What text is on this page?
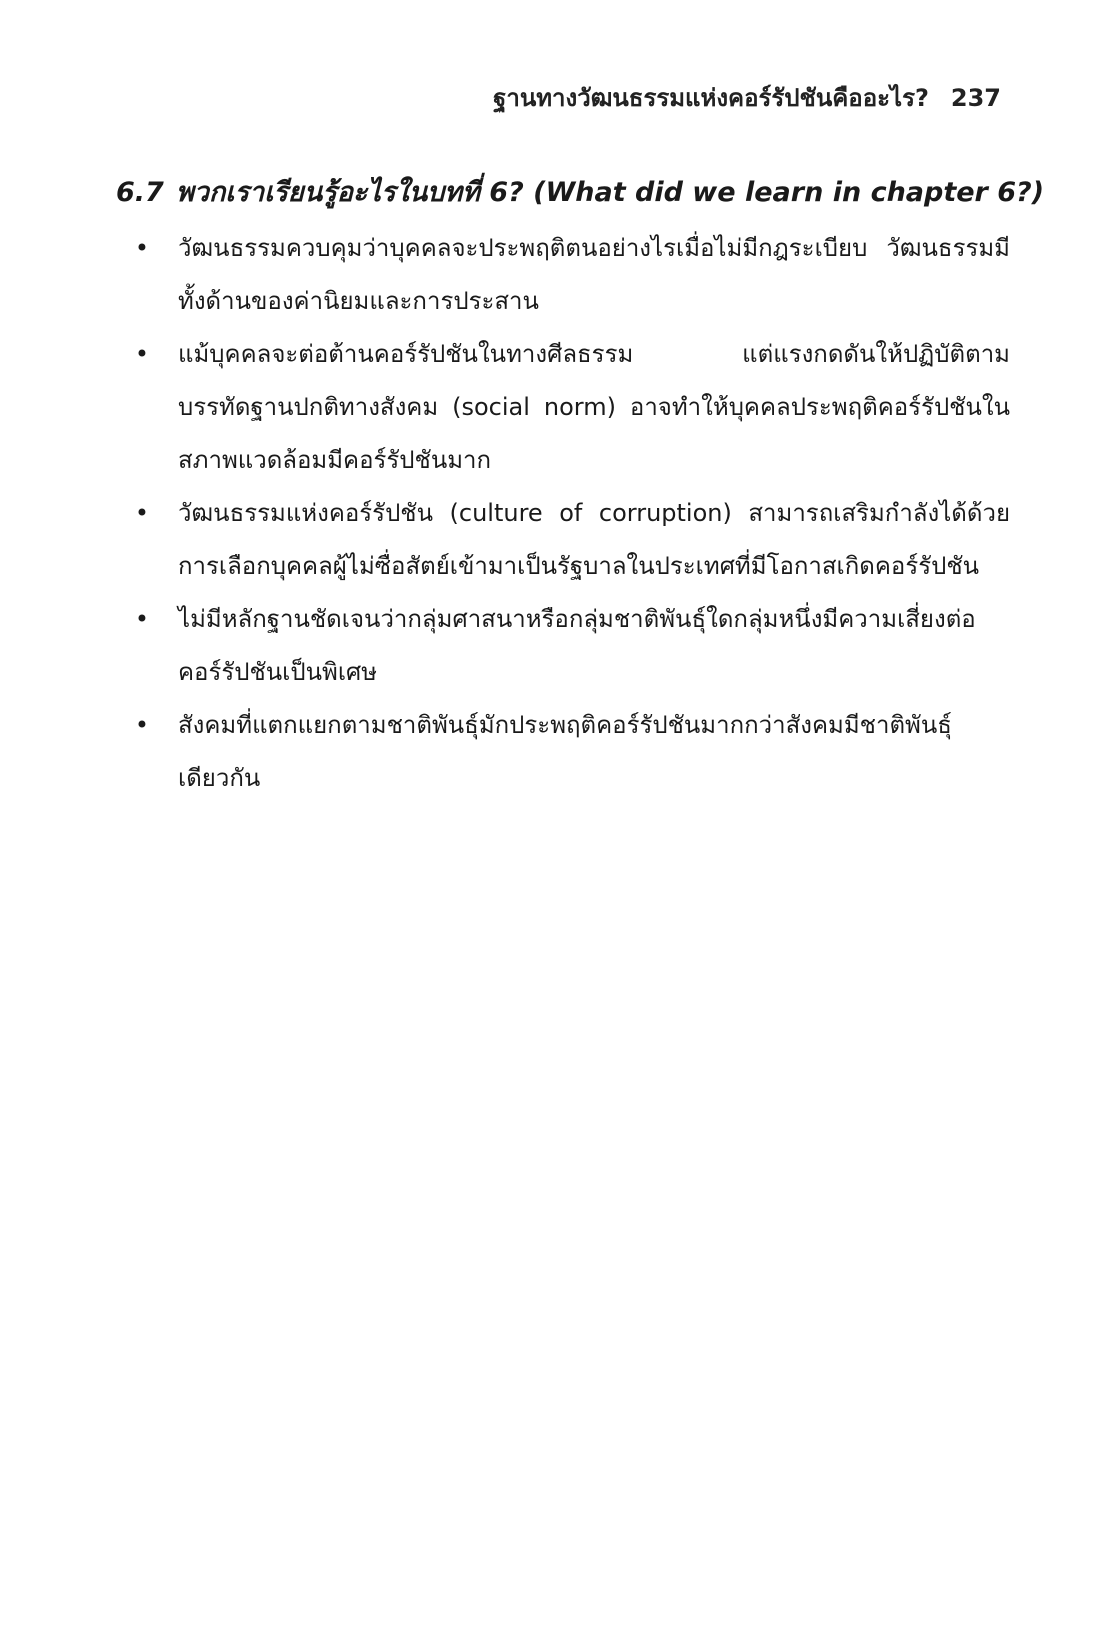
ฐานทางวัฒนธรรมแห่งคอร์รัปชันคืออะไร? 237
6.7 พวกเราเรียนรู้อะไรในบทที่ 6? (What did we learn in chapter 6?)
• วัฒนธรรมควบคุมว่าบุคคลจะประพฤติตนอย่างไรเมื่อไม่มีกฎระเบียบ วัฒนธรรมมีทั้งด้านของค่านิยมและการประสาน
• แม้บุคคลจะต่อต้านคอร์รัปชันในทางศีลธรรม แต่แรงกดดันให้ปฏิบัติตามบรรทัดฐานปกติทางสังคม (social norm) อาจทำให้บุคคลประพฤติคอร์รัปชันในสภาพแวดล้อมมีคอร์รัปชันมาก
• วัฒนธรรมแห่งคอร์รัปชัน (culture of corruption) สามารถเสริมกำลังได้ด้วยการเลือกบุคคลผู้ไม่ซื่อสัตย์เข้ามาเป็นรัฐบาลในประเทศที่มีโอกาสเกิดคอร์รัปชัน
• ไม่มีหลักฐานชัดเจนว่ากลุ่มศาสนาหรือกลุ่มชาติพันธุ์ใดกลุ่มหนึ่งมีความเสี่ยงต่อคอร์รัปชันเป็นพิเศษ
• สังคมที่แตกแยกตามชาติพันธุ์มักประพฤติคอร์รัปชันมากกว่าสังคมมีชาติพันธุ์เดียวกัน
